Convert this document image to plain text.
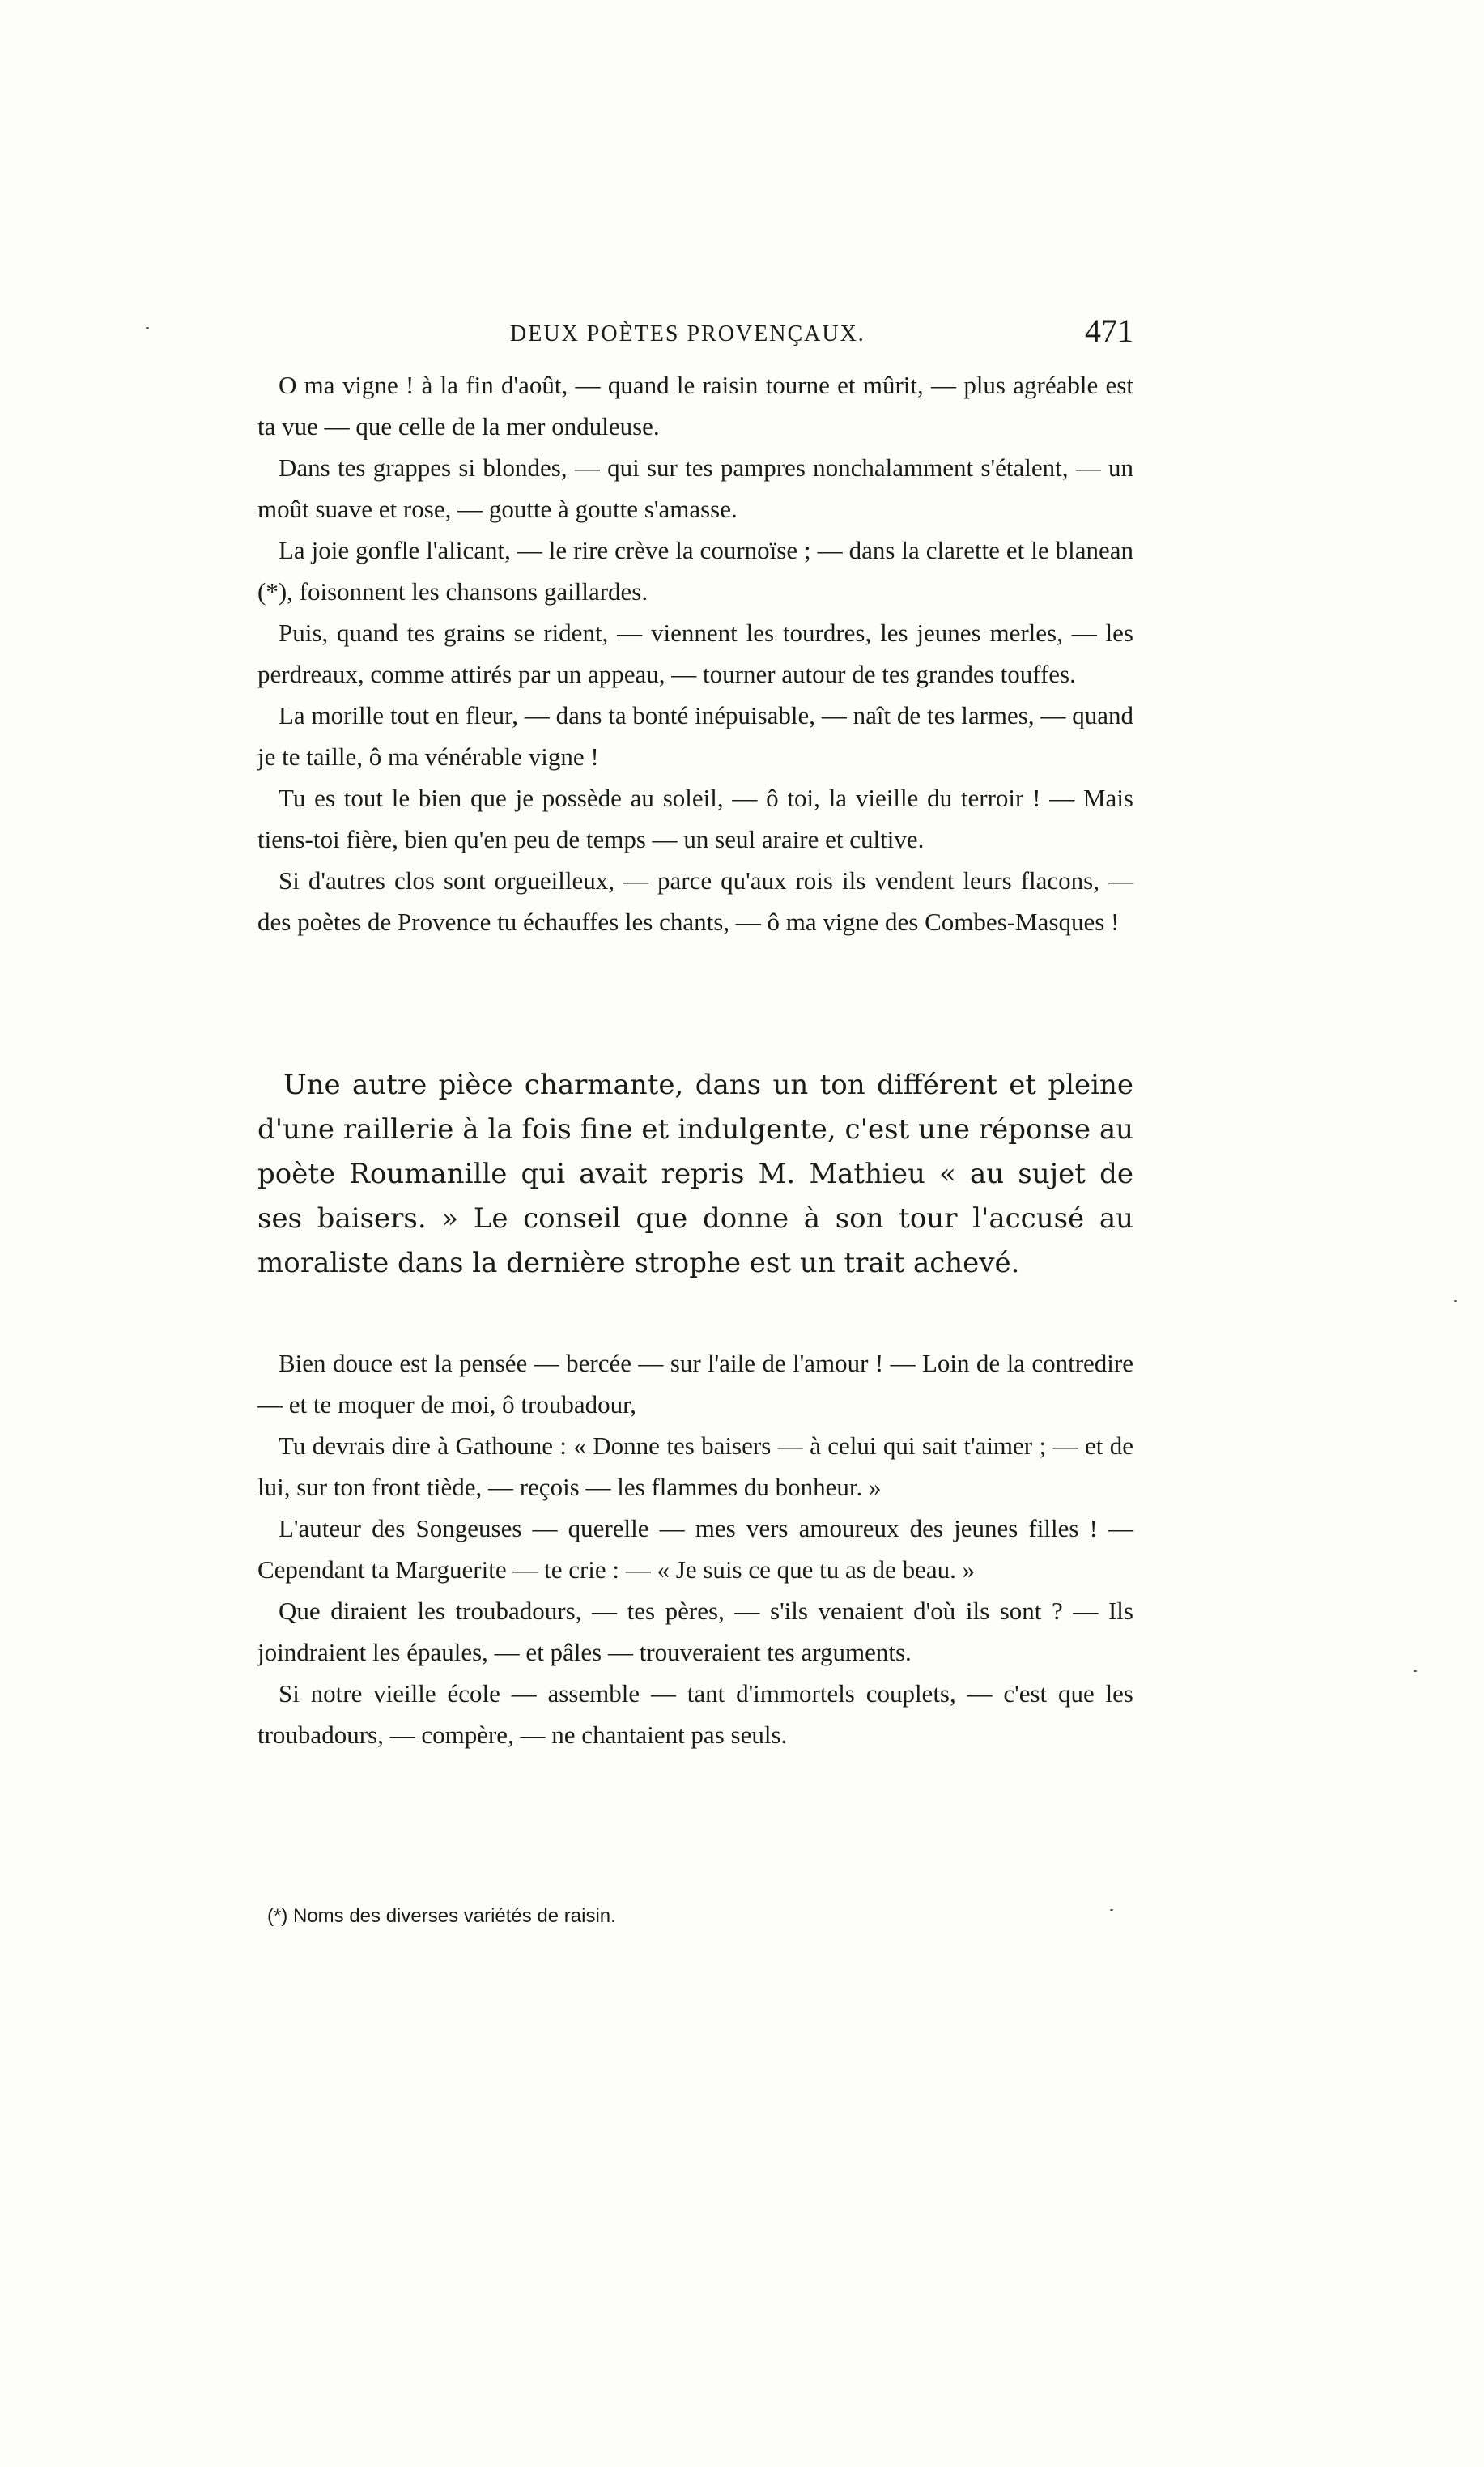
DEUX POÈTES PROVENÇAUX.	471

O ma vigne ! à la fin d'août, — quand le raisin tourne et mûrit, — plus agréable est ta vue — que celle de la mer onduleuse.

Dans tes grappes si blondes, — qui sur tes pampres nonchalamment s'étalent, — un moût suave et rose, — goutte à goutte s'amasse.

La joie gonfle l'alicant, — le rire crève la cournoïse ; — dans la clarette et le blanean (*), foisonnent les chansons gaillardes.

Puis, quand tes grains se rident, — viennent les tourdres, les jeunes merles, — les perdreaux, comme attirés par un appeau, — tourner autour de tes grandes touffes.

La morille tout en fleur, — dans ta bonté inépuisable, — naît de tes larmes, — quand je te taille, ô ma vénérable vigne !

Tu es tout le bien que je possède au soleil, — ô toi, la vieille du terroir ! — Mais tiens-toi fière, bien qu'en peu de temps — un seul araire et cultive.

Si d'autres clos sont orgueilleux, — parce qu'aux rois ils vendent leurs flacons, — des poètes de Provence tu échauffes les chants, — ô ma vigne des Combes-Masques !

Une autre pièce charmante, dans un ton différent et pleine d'une raillerie à la fois fine et indulgente, c'est une réponse au poète Roumanille qui avait repris M. Mathieu « au sujet de ses baisers. » Le conseil que donne à son tour l'accusé au moraliste dans la dernière strophe est un trait achevé.

Bien douce est la pensée — bercée — sur l'aile de l'amour ! — Loin de la contredire — et te moquer de moi, ô troubadour,

Tu devrais dire à Gathoune : « Donne tes baisers — à celui qui sait t'aimer ; — et de lui, sur ton front tiède, — reçois — les flammes du bonheur. »

L'auteur des Songeuses — querelle — mes vers amoureux des jeunes filles ! — Cependant ta Marguerite — te crie : — « Je suis ce que tu as de beau. »

Que diraient les troubadours, — tes pères, — s'ils venaient d'où ils sont ? — Ils joindraient les épaules, — et pâles — trouveraient tes arguments.

Si notre vieille école — assemble — tant d'immortels couplets, — c'est que les troubadours, — compère, — ne chantaient pas seuls.

(*) Noms des diverses variétés de raisin.
